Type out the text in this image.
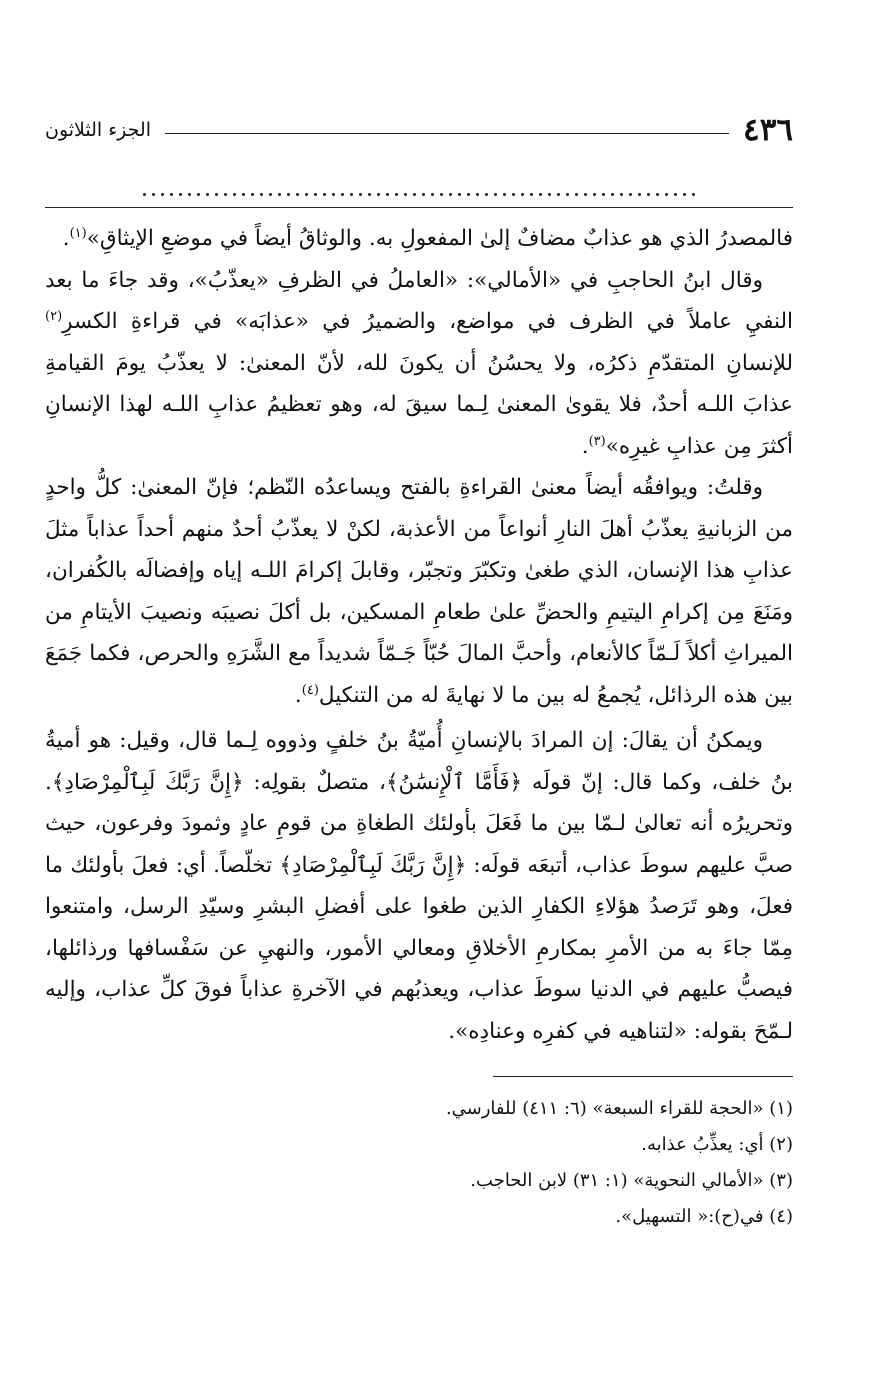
٤٣٦
الجزء الثلاثون

فالمصدرُ الذي هو عذابٌ مضافٌ إلىٰ المفعولِ به. والوثاقُ أيضاً في موضعِ الإيثاقِ»$^{(١)}$.

وقال ابنُ الحاجبِ في «الأمالي»: «العاملُ في الظرفِ «يعذّبُ»، وقد جاءَ ما بعد النفيِ عاملاً في الظرف في مواضع، والضميرُ في «عذابَه» في قراءةِ الكسرِ$^{(٢)}$ للإنسانِ المتقدّمِ ذكرُه، ولا يحسُنُ أن يكونَ لله، لأنّ المعنىٰ: لا يعذّبُ يومَ القيامةِ عذابَ اللـه أحدٌ، فلا يقوىٰ المعنىٰ لِـما سيقَ له، وهو تعظيمُ عذابِ اللـه لهذا الإنسانِ أكثرَ مِن عذابِ غيرِه»$^{(٣)}$.

وقلتُ: ويوافقُه أيضاً معنىٰ القراءةِ بالفتح ويساعدُه النّظم؛ فإنّ المعنىٰ: كلُّ واحدٍ من الزبانيةِ يعذّبُ أهلَ النارِ أنواعاً من الأعذبة، لكنْ لا يعذّبُ أحدٌ منهم أحداً عذاباً مثلَ عذابِ هذا الإنسان، الذي طغىٰ وتكبّرَ وتجبّر، وقابلَ إكرامَ اللـه إياه وإفضالَه بالكُفران، ومَنَعَ مِن إكرامِ اليتيمِ والحضِّ علىٰ طعامِ المسكين، بل أكلَ نصيبَه ونصيبَ الأيتامِ من الميراثِ أكلاً لَـمّاً كالأنعام، وأحبَّ المالَ حُبّاً جَـمّاً شديداً مع الشَّرَهِ والحرص، فكما جَمَعَ بين هذه الرذائل، يُجمعُ له بين ما لا نهايةَ له من التنكيل$^{(٤)}$.

ويمكنُ أن يقالَ: إن المرادَ بالإنسانِ أُميّةُ بنُ خلفٍ وذووه لِـما قال، وقيل: هو أميةُ بنُ خلف، وكما قال: إنّ قولَه ﴿فَأَمَّا ٱلْإِنسَٰنُ﴾، متصلٌ بقولِه: ﴿إِنَّ رَبَّكَ لَبِٱلْمِرْصَادِ﴾. وتحريرُه أنه تعالىٰ لـمّا بين ما فَعَلَ بأولئك الطغاةِ من قومِ عادٍ وثمودَ وفرعون، حيث صبَّ عليهم سوطَ عذاب، أتبعَه قولَه: ﴿إِنَّ رَبَّكَ لَبِٱلْمِرْصَادِ﴾ تخلّصاً. أي: فعلَ بأولئك ما فعلَ، وهو تَرَصدُ هؤلاءِ الكفارِ الذين طغوا على أفضلِ البشرِ وسيّدِ الرسل، وامتنعوا مِمّا جاءَ به من الأمرِ بمكارمِ الأخلاقِ ومعالي الأمور، والنهيِ عن سَفْسافها ورذائلها، فيصبُّ عليهم في الدنيا سوطَ عذاب، ويعذبُهم في الآخرةِ عذاباً فوقَ كلِّ عذاب، وإليه لـمّحَ بقوله: «لتناهيه في كفرِه وعنادِه».

(١) «الحجة للقراء السبعة» (٦: ٤١١) للفارسي.
(٢) أي: يعذِّبُ عذابه.
(٣) «الأمالي النحوية» (١: ٣١) لابن الحاجب.
(٤) في(ح):« التسهيل».
